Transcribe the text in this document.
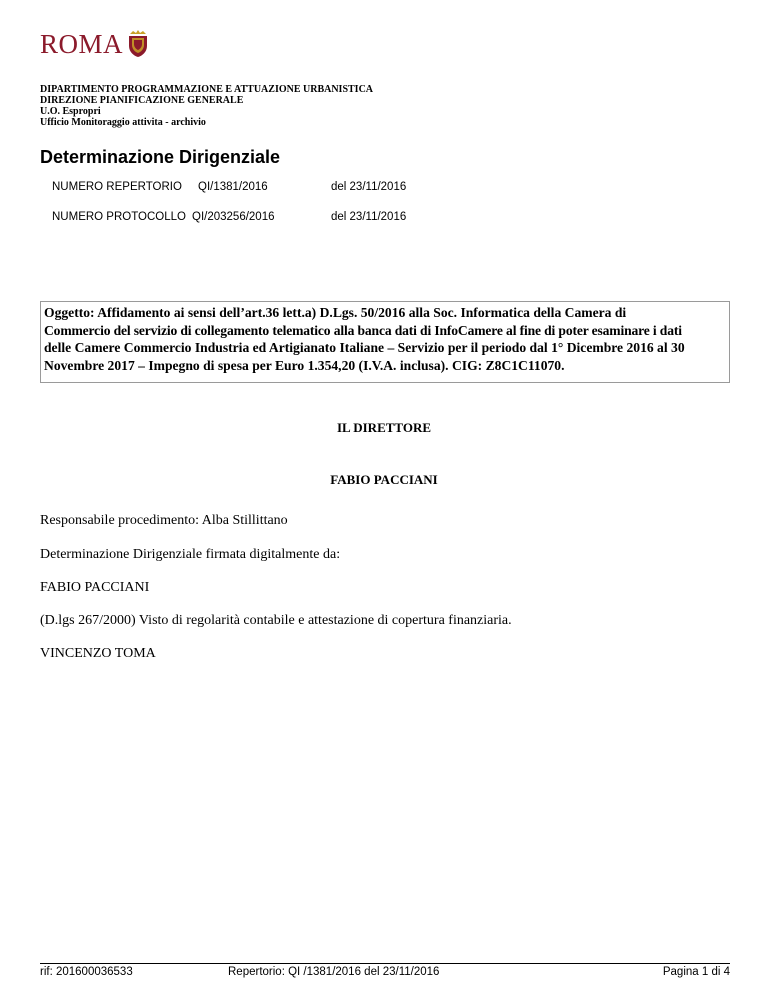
ROMA
DIPARTIMENTO PROGRAMMAZIONE E ATTUAZIONE URBANISTICA
DIREZIONE PIANIFICAZIONE GENERALE
U.O. Espropri
Ufficio Monitoraggio attivita - archivio
Determinazione Dirigenziale
NUMERO REPERTORIO QI/1381/2016	del 23/11/2016
NUMERO PROTOCOLLO QI/203256/2016	del 23/11/2016
Oggetto: Affidamento ai sensi dell’art.36 lett.a) D.Lgs. 50/2016 alla Soc. Informatica della Camera di
Commercio del servizio di collegamento telematico alla banca dati di InfoCamere al fine di poter esaminare i dati
delle Camere Commercio Industria ed Artigianato Italiane – Servizio per il periodo dal 1° Dicembre 2016 al 30
Novembre 2017 – Impegno di spesa per Euro 1.354,20 (I.V.A. inclusa). CIG: Z8C1C11070.
IL DIRETTORE
FABIO PACCIANI
Responsabile procedimento: Alba Stillittano
Determinazione Dirigenziale firmata digitalmente da:
FABIO PACCIANI
(D.lgs 267/2000) Visto di regolarità contabile e attestazione di copertura finanziaria.
VINCENZO TOMA
rif: 201600036533	Repertorio: QI /1381/2016 del 23/11/2016	Pagina 1 di 4
